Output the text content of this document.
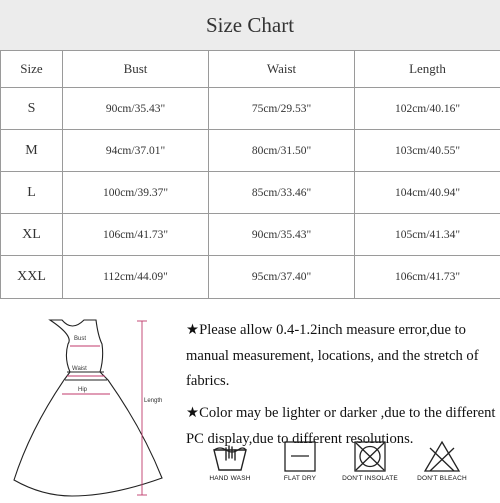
Size Chart
Size	Bust	Waist	Length
S	90cm/35.43"	75cm/29.53"	102cm/40.16"
M	94cm/37.01"	80cm/31.50"	103cm/40.55"
L	100cm/39.37"	85cm/33.46"	104cm/40.94"
XL	106cm/41.73"	90cm/35.43"	105cm/41.34"
XXL	112cm/44.09"	95cm/37.40"	106cm/41.73"
Bust
Waist
Hip
Length

★Please allow 0.4-1.2inch measure error,due to manual measurement, locations, and the stretch of fabrics.

★Color may be lighter or darker ,due to the different PC display,due to different resolutions.

HAND WASH	FLAT DRY	DON'T INSOLATE	DON'T BLEACH
